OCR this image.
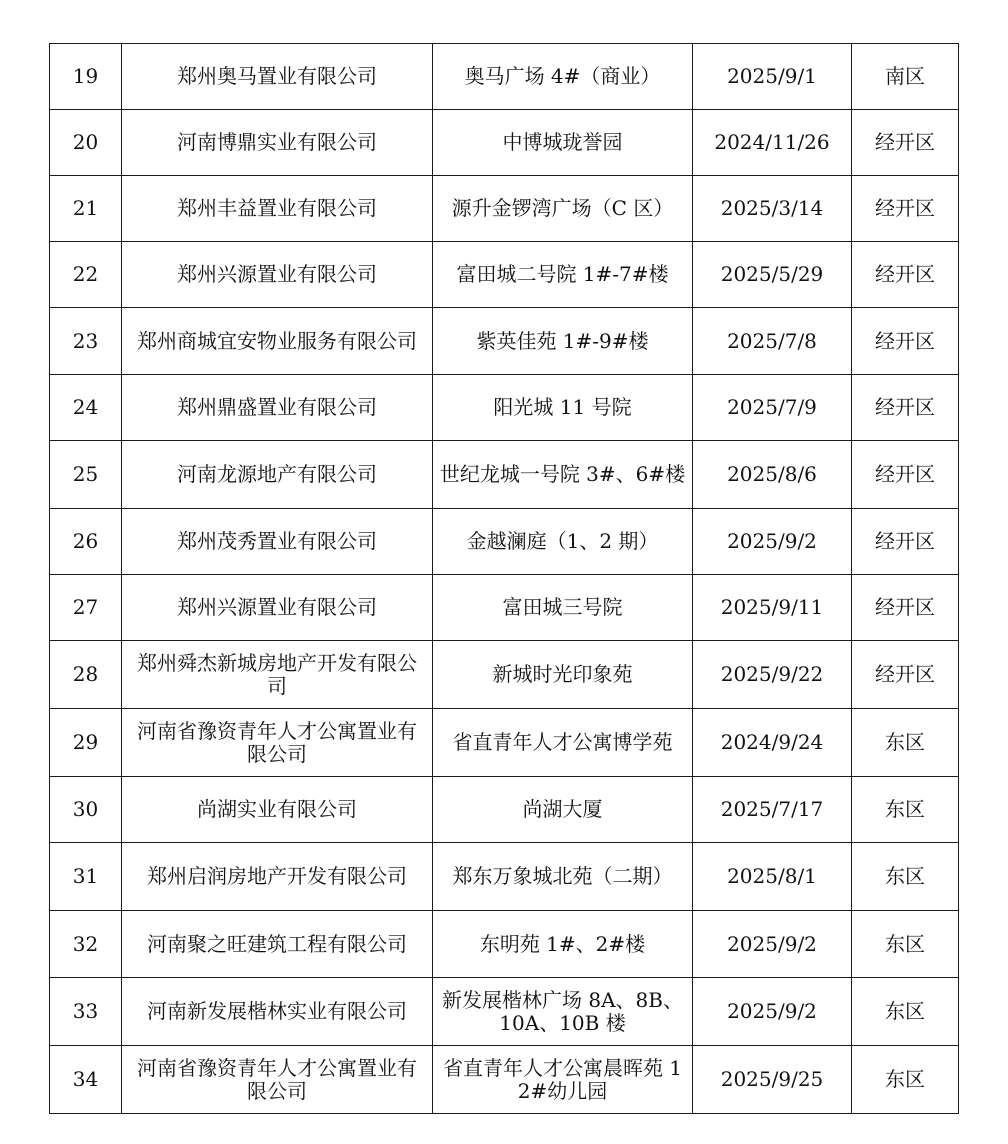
19	郑州奥马置业有限公司	奥马广场 4#（商业）	2025/9/1	南区
20	河南博鼎实业有限公司	中博城珑誉园	2024/11/26	经开区
21	郑州丰益置业有限公司	源升金锣湾广场（C 区）	2025/3/14	经开区
22	郑州兴源置业有限公司	富田城二号院 1#-7#楼	2025/5/29	经开区
23	郑州商城宜安物业服务有限公司	紫英佳苑 1#-9#楼	2025/7/8	经开区
24	郑州鼎盛置业有限公司	阳光城 11 号院	2025/7/9	经开区
25	河南龙源地产有限公司	世纪龙城一号院 3#、6#楼	2025/8/6	经开区
26	郑州茂秀置业有限公司	金越澜庭（1、2 期）	2025/9/2	经开区
27	郑州兴源置业有限公司	富田城三号院	2025/9/11	经开区
28	郑州舜杰新城房地产开发有限公司	新城时光印象苑	2025/9/22	经开区
29	河南省豫资青年人才公寓置业有限公司	省直青年人才公寓博学苑	2024/9/24	东区
30	尚湖实业有限公司	尚湖大厦	2025/7/17	东区
31	郑州启润房地产开发有限公司	郑东万象城北苑（二期）	2025/8/1	东区
32	河南聚之旺建筑工程有限公司	东明苑 1#、2#楼	2025/9/2	东区
33	河南新发展楷林实业有限公司	新发展楷林广场 8A、8B、10A、10B 楼	2025/9/2	东区
34	河南省豫资青年人才公寓置业有限公司	省直青年人才公寓晨晖苑 12#幼儿园	2025/9/25	东区
